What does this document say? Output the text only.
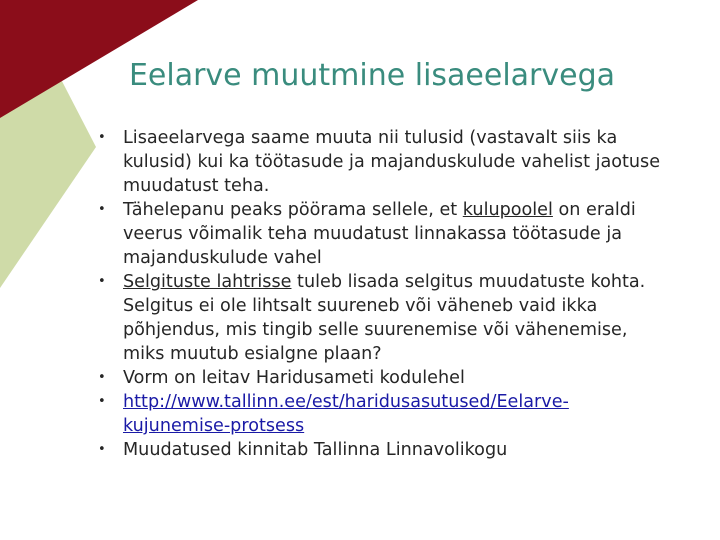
Eelarve muutmine lisaeelarvega
• Lisaeelarvega saame muuta nii tulusid (vastavalt siis ka kulusid) kui ka töötasude ja majanduskulude vahelist jaotuse muudatust teha.
• Tähelepanu peaks pöörama sellele, et kulupoolel on eraldi veerus võimalik teha muudatust linnakassa töötasude ja majanduskulude vahel
• Selgituste lahtrisse tuleb lisada selgitus muudatuste kohta. Selgitus ei ole lihtsalt suureneb või väheneb vaid ikka põhjendus, mis tingib selle suurenemise või vähenemise, miks muutub esialgne plaan?
• Vorm on leitav Haridusameti kodulehel
• http://www.tallinn.ee/est/haridusasutused/Eelarve-kujunemise-protsess
• Muudatused kinnitab Tallinna Linnavolikogu
